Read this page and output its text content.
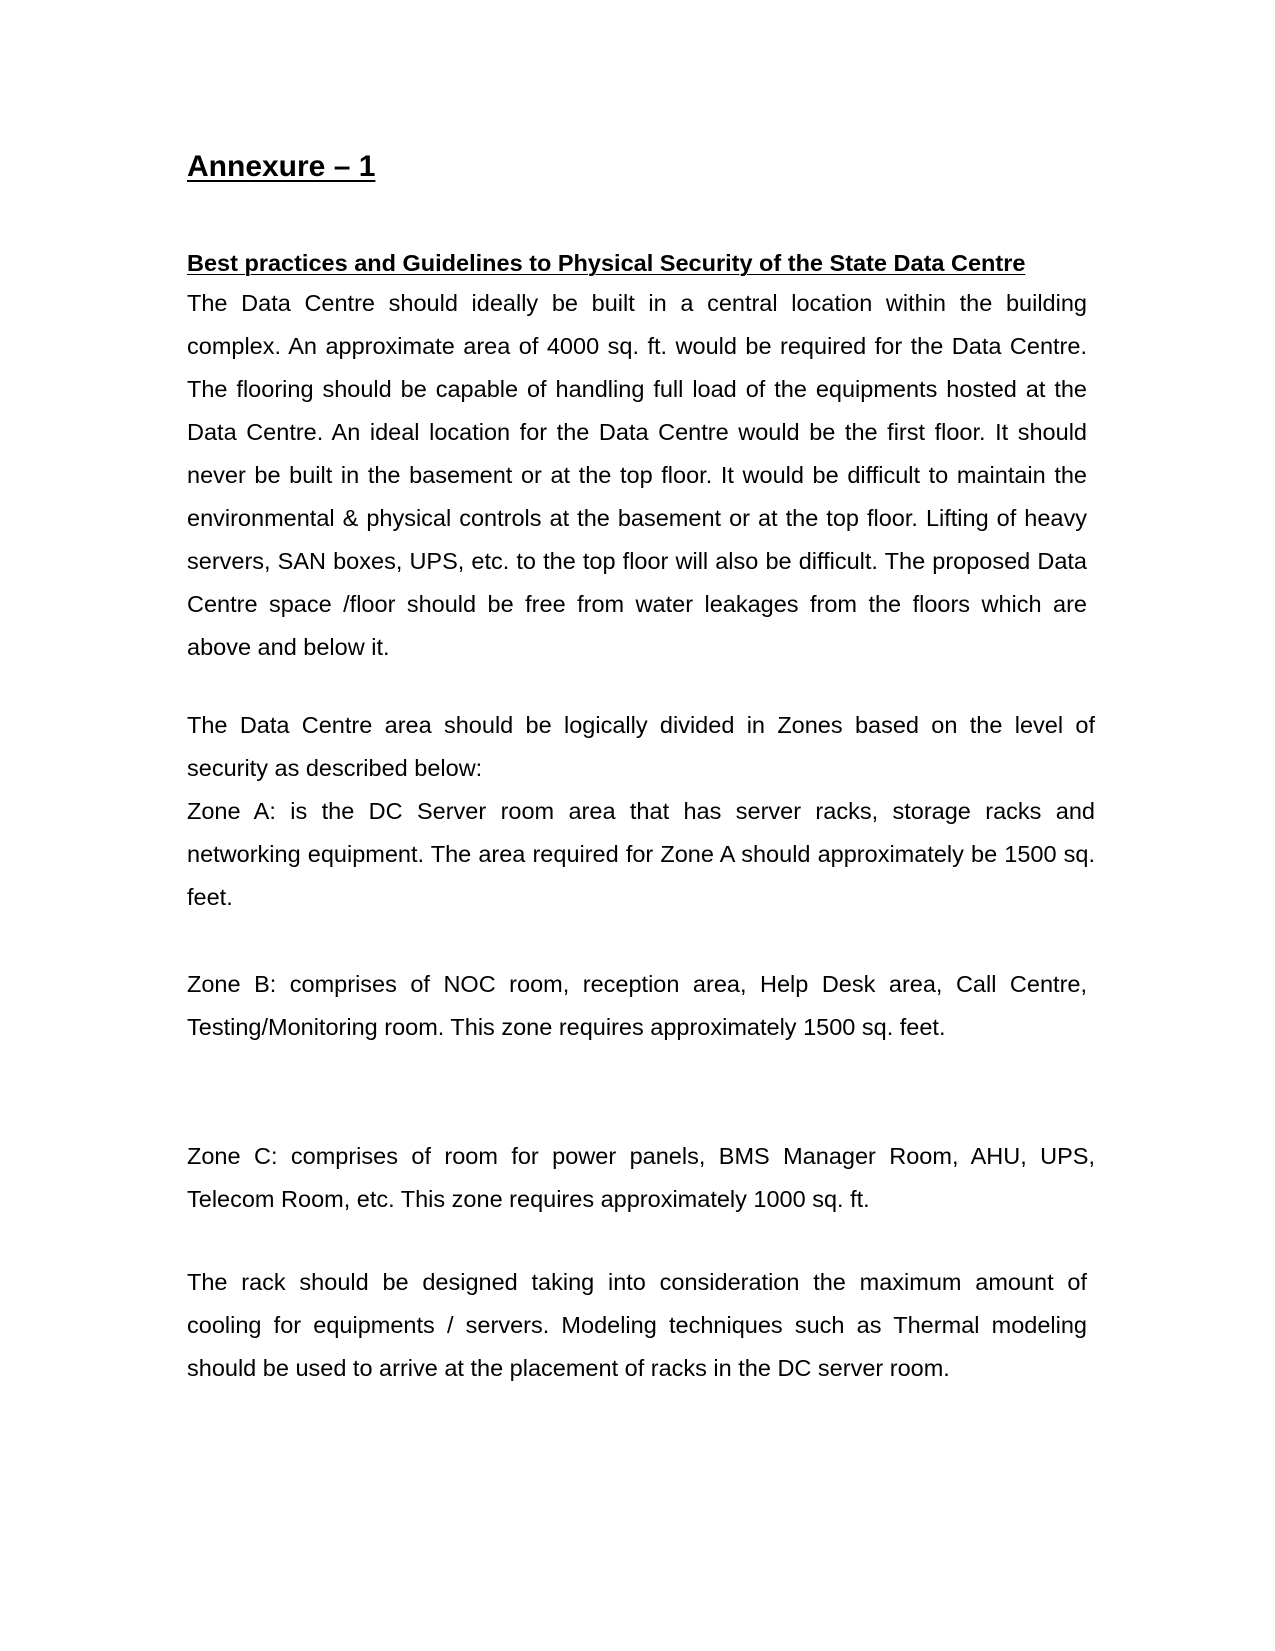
Annexure – 1
Best practices and Guidelines to Physical Security of the State Data Centre

The Data Centre should ideally be built in a central location within the building complex. An approximate area of 4000 sq. ft. would be required for the Data Centre. The flooring should be capable of handling full load of the equipments hosted at the Data Centre. An ideal location for the Data Centre would be the first floor. It should never be built in the basement or at the top floor. It would be difficult to maintain the environmental & physical controls at the basement or at the top floor. Lifting of heavy servers, SAN boxes, UPS, etc. to the top floor will also be difficult. The proposed Data Centre space /floor should be free from water leakages from the floors which are above and below it.

The Data Centre area should be logically divided in Zones based on the level of security as described below:

Zone A: is the DC Server room area that has server racks, storage racks and networking equipment. The area required for Zone A should approximately be 1500 sq. feet.

Zone B: comprises of NOC room, reception area, Help Desk area, Call Centre, Testing/Monitoring room. This zone requires approximately 1500 sq. feet.

Zone C: comprises of room for power panels, BMS Manager Room, AHU, UPS, Telecom Room, etc. This zone requires approximately 1000 sq. ft.

The rack should be designed taking into consideration the maximum amount of cooling for equipments / servers. Modeling techniques such as Thermal modeling should be used to arrive at the placement of racks in the DC server room.
